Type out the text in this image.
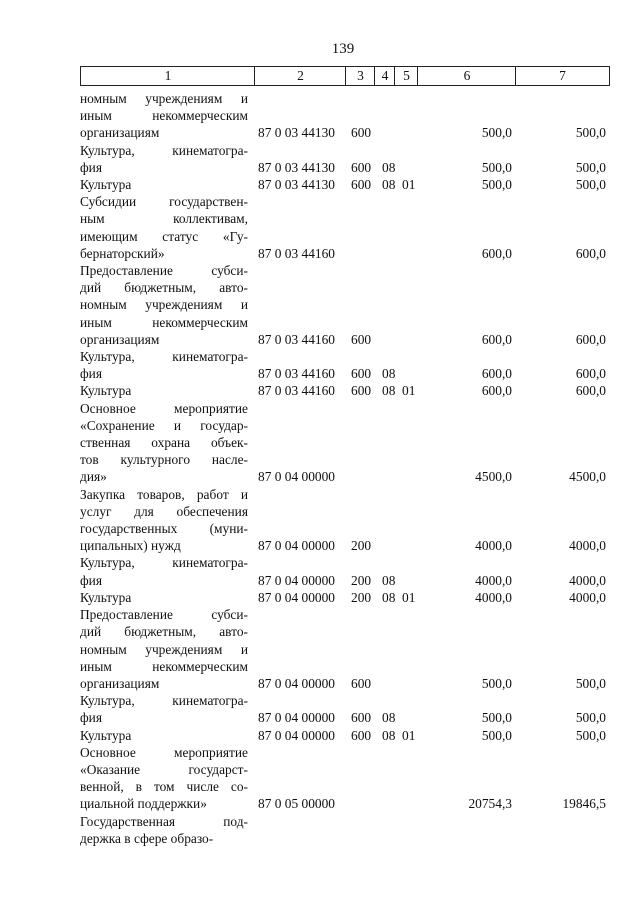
139
1	2	3	4	5	6	7
номным учреждениям и
иным некоммерческим
организациям	87 0 03 44130 600	500,0	500,0
Культура, кинематогра-
фия	87 0 03 44130 600 08	500,0	500,0
Культура	87 0 03 44130 600 08 01	500,0	500,0
Субсидии государствен-
ным коллективам,
имеющим статус «Гу-
бернаторский»	87 0 03 44160	600,0	600,0
Предоставление субси-
дий бюджетным, авто-
номным учреждениям и
иным некоммерческим
организациям	87 0 03 44160 600	600,0	600,0
Культура, кинематогра-
фия	87 0 03 44160 600 08	600,0	600,0
Культура	87 0 03 44160 600 08 01	600,0	600,0
Основное мероприятие
«Сохранение и государ-
ственная охрана объек-
тов культурного насле-
дия»	87 0 04 00000	4500,0	4500,0
Закупка товаров, работ и
услуг для обеспечения
государственных (муни-
ципальных) нужд	87 0 04 00000 200	4000,0	4000,0
Культура, кинематогра-
фия	87 0 04 00000 200 08	4000,0	4000,0
Культура	87 0 04 00000 200 08 01	4000,0	4000,0
Предоставление субси-
дий бюджетным, авто-
номным учреждениям и
иным некоммерческим
организациям	87 0 04 00000 600	500,0	500,0
Культура, кинематогра-
фия	87 0 04 00000 600 08	500,0	500,0
Культура	87 0 04 00000 600 08 01	500,0	500,0
Основное мероприятие
«Оказание государст-
венной, в том числе со-
циальной поддержки»	87 0 05 00000	20754,3	19846,5
Государственная под-
держка в сфере образо-
